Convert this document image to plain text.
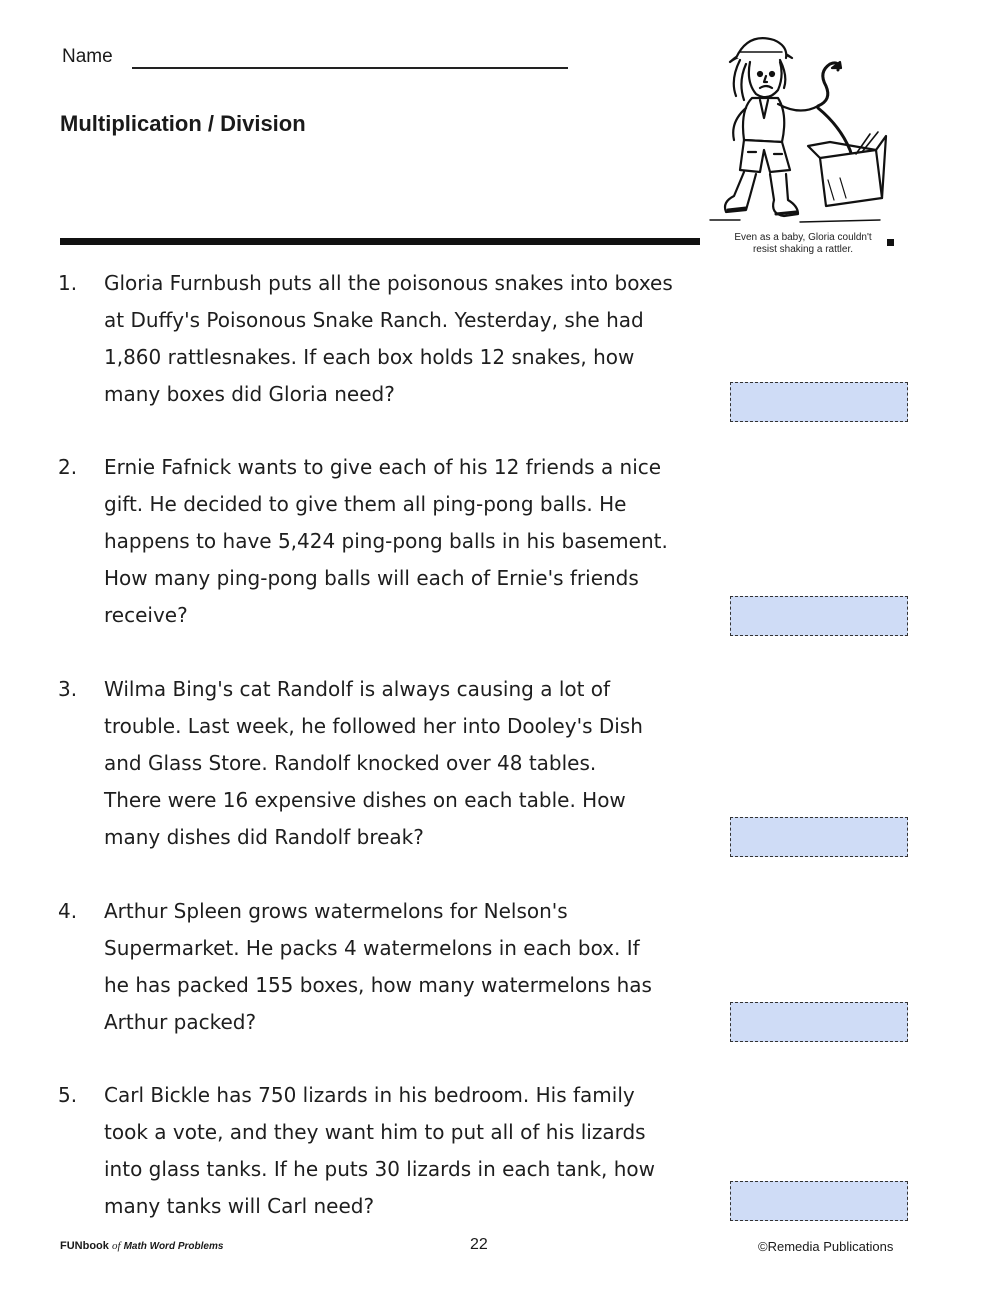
Name
Multiplication / Division
Even as a baby, Gloria couldn't
resist shaking a rattler.
1.	Gloria Furnbush puts all the poisonous snakes into boxes
at Duffy's Poisonous Snake Ranch. Yesterday, she had
1,860 rattlesnakes. If each box holds 12 snakes, how
many boxes did Gloria need?
2.	Ernie Fafnick wants to give each of his 12 friends a nice
gift. He decided to give them all ping-pong balls. He
happens to have 5,424 ping-pong balls in his basement.
How many ping-pong balls will each of Ernie's friends
receive?
3.	Wilma Bing's cat Randolf is always causing a lot of
trouble. Last week, he followed her into Dooley's Dish
and Glass Store. Randolf knocked over 48 tables.
There were 16 expensive dishes on each table. How
many dishes did Randolf break?
4.	Arthur Spleen grows watermelons for Nelson's
Supermarket. He packs 4 watermelons in each box. If
he has packed 155 boxes, how many watermelons has
Arthur packed?
5.	Carl Bickle has 750 lizards in his bedroom. His family
took a vote, and they want him to put all of his lizards
into glass tanks. If he puts 30 lizards in each tank, how
many tanks will Carl need?
FUNbook of Math Word Problems	22	©Remedia Publications
